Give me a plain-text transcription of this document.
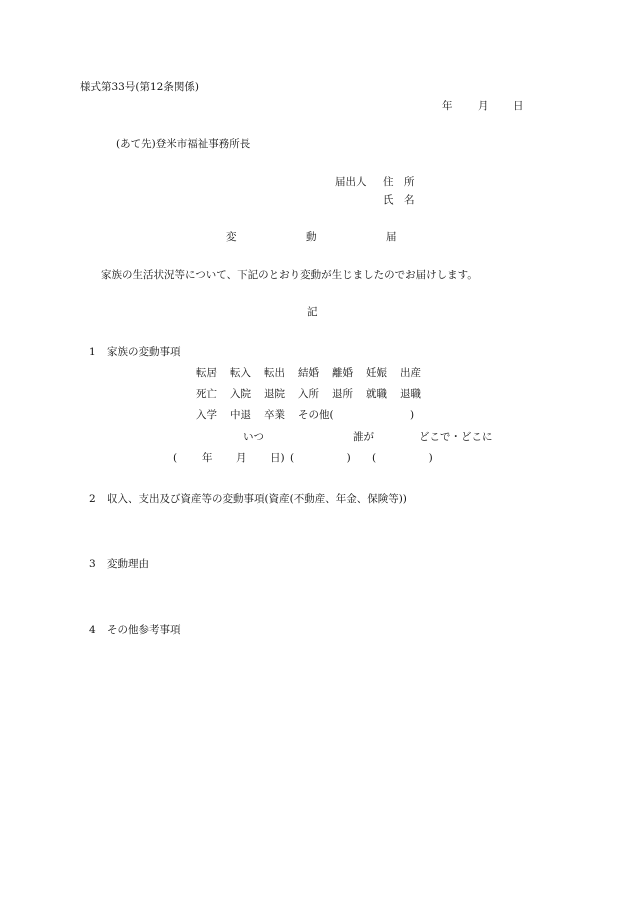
様式第33号(第12条関係)
年 月 日
(あて先)登米市福祉事務所長
届出人 住　所
氏　名
変	動	届
家族の生活状況等について、下記のとおり変動が生じましたのでお届けします。
記
1 家族の変動事項
転居 転入 転出 結婚 離婚 妊娠 出産
死亡 入院 退院 入所 退所 就職 退職
入学 中退 卒業 その他(	)
いつ	誰が	どこで・どこに
( 年 月 日) (　　　　　) (　　　　　)
2 収入、支出及び資産等の変動事項(資産(不動産、年金、保険等))
3 変動理由
4 その他参考事項
